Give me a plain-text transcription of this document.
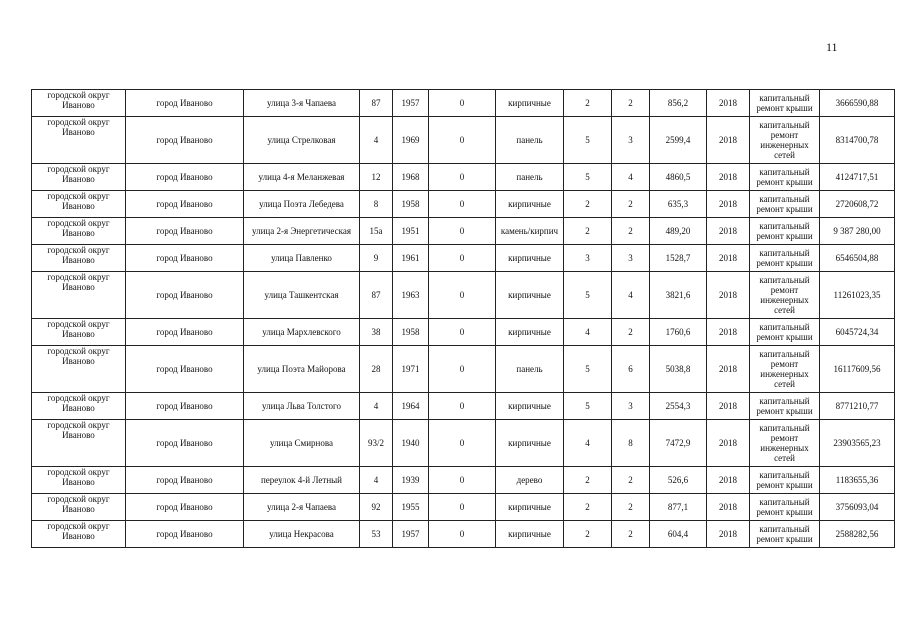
11
городской округ Иваново	город Иваново	улица 3-я Чапаева	87	1957	0	кирпичные	2	2	856,2	2018	капитальный ремонт крыши	3666590,88
городской округ Иваново	город Иваново	улица Стрелковая	4	1969	0	панель	5	3	2599,4	2018	капитальный ремонт инженерных сетей	8314700,78
городской округ Иваново	город Иваново	улица 4-я Меланжевая	12	1968	0	панель	5	4	4860,5	2018	капитальный ремонт крыши	4124717,51
городской округ Иваново	город Иваново	улица Поэта Лебедева	8	1958	0	кирпичные	2	2	635,3	2018	капитальный ремонт крыши	2720608,72
городской округ Иваново	город Иваново	улица 2-я Энергетическая	15а	1951	0	камень/кирпич	2	2	489,20	2018	капитальный ремонт крыши	9 387 280,00
городской округ Иваново	город Иваново	улица Павленко	9	1961	0	кирпичные	3	3	1528,7	2018	капитальный ремонт крыши	6546504,88
городской округ Иваново	город Иваново	улица Ташкентская	87	1963	0	кирпичные	5	4	3821,6	2018	капитальный ремонт инженерных сетей	11261023,35
городской округ Иваново	город Иваново	улица Мархлевского	38	1958	0	кирпичные	4	2	1760,6	2018	капитальный ремонт крыши	6045724,34
городской округ Иваново	город Иваново	улица Поэта Майорова	28	1971	0	панель	5	6	5038,8	2018	капитальный ремонт инженерных сетей	16117609,56
городской округ Иваново	город Иваново	улица Льва Толстого	4	1964	0	кирпичные	5	3	2554,3	2018	капитальный ремонт крыши	8771210,77
городской округ Иваново	город Иваново	улица Смирнова	93/2	1940	0	кирпичные	4	8	7472,9	2018	капитальный ремонт инженерных сетей	23903565,23
городской округ Иваново	город Иваново	переулок 4-й Летный	4	1939	0	дерево	2	2	526,6	2018	капитальный ремонт крыши	1183655,36
городской округ Иваново	город Иваново	улица 2-я Чапаева	92	1955	0	кирпичные	2	2	877,1	2018	капитальный ремонт крыши	3756093,04
городской округ Иваново	город Иваново	улица Некрасова	53	1957	0	кирпичные	2	2	604,4	2018	капитальный ремонт крыши	2588282,56
